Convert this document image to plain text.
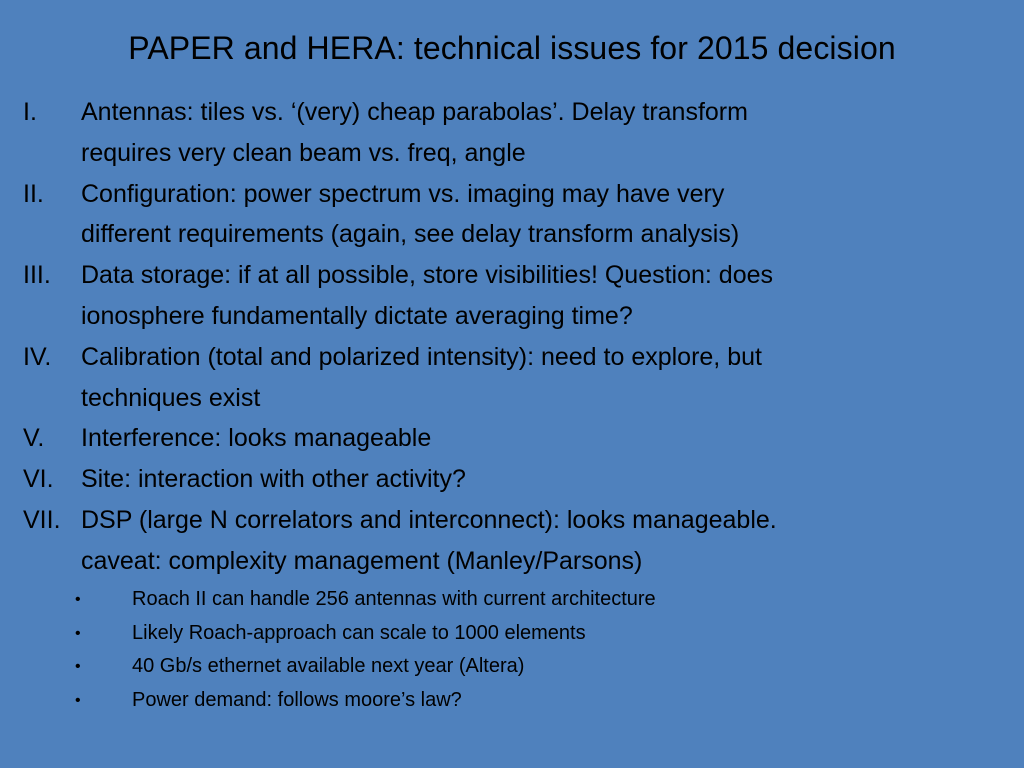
PAPER and HERA: technical issues for 2015 decision
I. Antennas: tiles vs. ‘(very) cheap parabolas’. Delay transform
requires very clean beam vs. freq, angle
II. Configuration: power spectrum vs. imaging may have very
different requirements (again, see delay transform analysis)
III. Data storage: if at all possible, store visibilities! Question: does
ionosphere fundamentally dictate averaging time?
IV. Calibration (total and polarized intensity): need to explore, but
techniques exist
V. Interference: looks manageable
VI. Site: interaction with other activity?
VII. DSP (large N correlators and interconnect): looks manageable.
caveat: complexity management (Manley/Parsons)
•	Roach II can handle 256 antennas with current architecture
•	Likely Roach-approach can scale to 1000 elements
•	40 Gb/s ethernet available next year (Altera)
•	Power demand: follows moore’s law?
